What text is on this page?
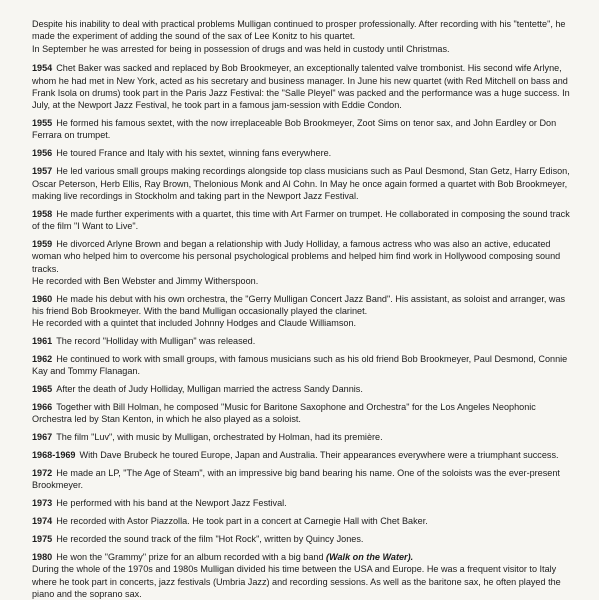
Despite his inability to deal with practical problems Mulligan continued to prosper professionally. After recording with his "tentette", he made the experiment of adding the sound of the sax of Lee Konitz to his quartet.

In September he was arrested for being in possession of drugs and was held in custody until Christmas.

1954 Chet Baker was sacked and replaced by Bob Brookmeyer, an exceptionally talented valve trombonist. His second wife Arlyne, whom he had met in New York, acted as his secretary and business manager. In June his new quartet (with Red Mitchell on bass and Frank Isola on drums) took part in the Paris Jazz Festival: the "Salle Pleyel" was packed and the performance was a huge success. In July, at the Newport Jazz Festival, he took part in a famous jam-session with Eddie Condon.

1955 He formed his famous sextet, with the now irreplaceable Bob Brookmeyer, Zoot Sims on tenor sax, and John Eardley or Don Ferrara on trumpet.

1956 He toured France and Italy with his sextet, winning fans everywhere.

1957 He led various small groups making recordings alongside top class musicians such as Paul Desmond, Stan Getz, Harry Edison, Oscar Peterson, Herb Ellis, Ray Brown, Thelonious Monk and Al Cohn. In May he once again formed a quartet with Bob Brookmeyer, making live recordings in Stockholm and taking part in the Newport Jazz Festival.

1958 He made further experiments with a quartet, this time with Art Farmer on trumpet. He collaborated in composing the sound track of the film "I Want to Live".

1959 He divorced Arlyne Brown and began a relationship with Judy Holliday, a famous actress who was also an active, educated woman who helped him to overcome his personal psychological problems and helped him find work in Hollywood composing sound tracks.

He recorded with Ben Webster and Jimmy Witherspoon.

1960 He made his debut with his own orchestra, the "Gerry Mulligan Concert Jazz Band". His assistant, as soloist and arranger, was his friend Bob Brookmeyer. With the band Mulligan occasionally played the clarinet.

He recorded with a quintet that included Johnny Hodges and Claude Williamson.

1961 The record "Holliday with Mulligan" was released.

1962 He continued to work with small groups, with famous musicians such as his old friend Bob Brookmeyer, Paul Desmond, Connie Kay and Tommy Flanagan.

1965 After the death of Judy Holliday, Mulligan married the actress Sandy Dannis.

1966 Together with Bill Holman, he composed "Music for Baritone Saxophone and Orchestra" for the Los Angeles Neophonic Orchestra led by Stan Kenton, in which he also played as a soloist.

1967 The film "Luv", with music by Mulligan, orchestrated by Holman, had its première.

1968-1969 With Dave Brubeck he toured Europe, Japan and Australia. Their appearances everywhere were a triumphant success.

1972 He made an LP, "The Age of Steam", with an impressive big band bearing his name. One of the soloists was the ever-present Brookmeyer.

1973 He performed with his band at the Newport Jazz Festival.

1974 He recorded with Astor Piazzolla. He took part in a concert at Carnegie Hall with Chet Baker.

1975 He recorded the sound track of the film "Hot Rock", written by Quincy Jones.

1980 He won the "Grammy" prize for an album recorded with a big band (Walk on the Water).

During the whole of the 1970s and 1980s Mulligan divided his time between the USA and Europe. He was a frequent visitor to Italy where he took part in concerts, jazz festivals (Umbria Jazz) and recording sessions. As well as the baritone sax, he often played the piano and the soprano sax.
